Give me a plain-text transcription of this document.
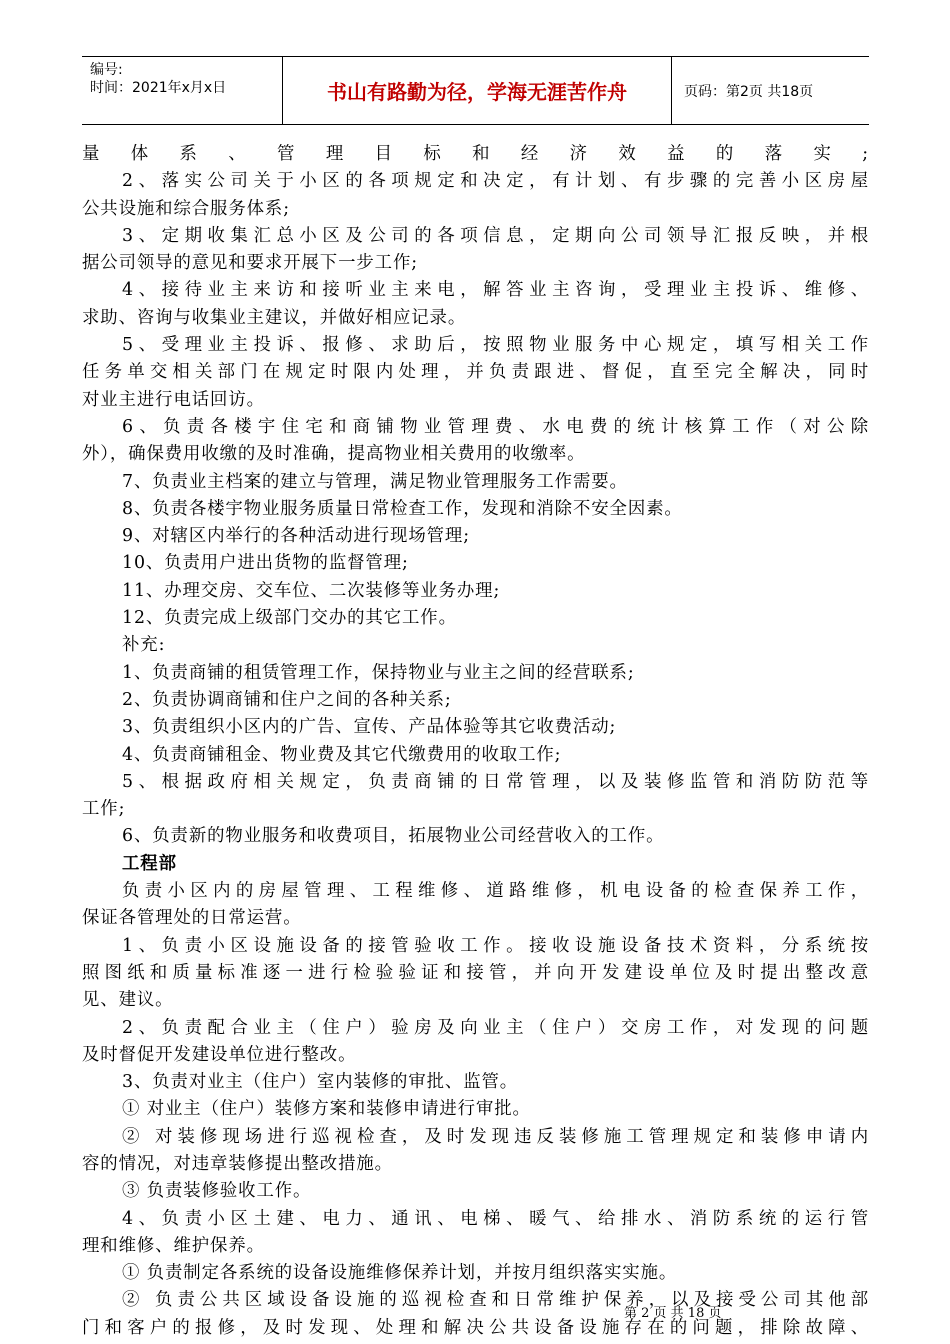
编号:
时间：2021年x月x日	书山有路勤为径，学海无涯苦作舟	页码：第2页 共18页
量体系、管理目标和经济效益的落实;
2、落实公司关于小区的各项规定和决定，有计划、有步骤的完善小区房屋
公共设施和综合服务体系;
3、定期收集汇总小区及公司的各项信息，定期向公司领导汇报反映，并根
据公司领导的意见和要求开展下一步工作;
4、接待业主来访和接听业主来电，解答业主咨询，受理业主投诉、维修、
求助、咨询与收集业主建议，并做好相应记录。
5、受理业主投诉、报修、求助后，按照物业服务中心规定，填写相关工作
任务单交相关部门在规定时限内处理，并负责跟进、督促，直至完全解决，同时
对业主进行电话回访。
6、负责各楼宇住宅和商铺物业管理费、水电费的统计核算工作（对公除
外），确保费用收缴的及时准确，提高物业相关费用的收缴率。
7、负责业主档案的建立与管理，满足物业管理服务工作需要。
8、负责各楼宇物业服务质量日常检查工作，发现和消除不安全因素。
9、对辖区内举行的各种活动进行现场管理;
10、负责用户进出货物的监督管理;
11、办理交房、交车位、二次装修等业务办理;
12、负责完成上级部门交办的其它工作。
补充:
1、负责商铺的租赁管理工作，保持物业与业主之间的经营联系;
2、负责协调商铺和住户之间的各种关系;
3、负责组织小区内的广告、宣传、产品体验等其它收费活动;
4、负责商铺租金、物业费及其它代缴费用的收取工作;
5、根据政府相关规定，负责商铺的日常管理，以及装修监管和消防防范等
工作;
6、负责新的物业服务和收费项目，拓展物业公司经营收入的工作。
工程部
负责小区内的房屋管理、工程维修、道路维修，机电设备的检查保养工作，
保证各管理处的日常运营。
1、负责小区设施设备的接管验收工作。接收设施设备技术资料，分系统按
照图纸和质量标准逐一进行检验验证和接管，并向开发建设单位及时提出整改意
见、建议。
2、负责配合业主（住户）验房及向业主（住户）交房工作，对发现的问题
及时督促开发建设单位进行整改。
3、负责对业主（住户）室内装修的审批、监管。
① 对业主（住户）装修方案和装修申请进行审批。
② 对装修现场进行巡视检查，及时发现违反装修施工管理规定和装修申请内
容的情况，对违章装修提出整改措施。
③ 负责装修验收工作。
4、负责小区土建、电力、通讯、电梯、暖气、给排水、消防系统的运行管
理和维修、维护保养。
① 负责制定各系统的设备设施维修保养计划，并按月组织落实实施。
② 负责公共区域设备设施的巡视检查和日常维护保养，以及接受公司其他部
门和客户的报修，及时发现、处理和解决公共设备设施存在的问题，排除故障、
第 2 页 共 18 页
